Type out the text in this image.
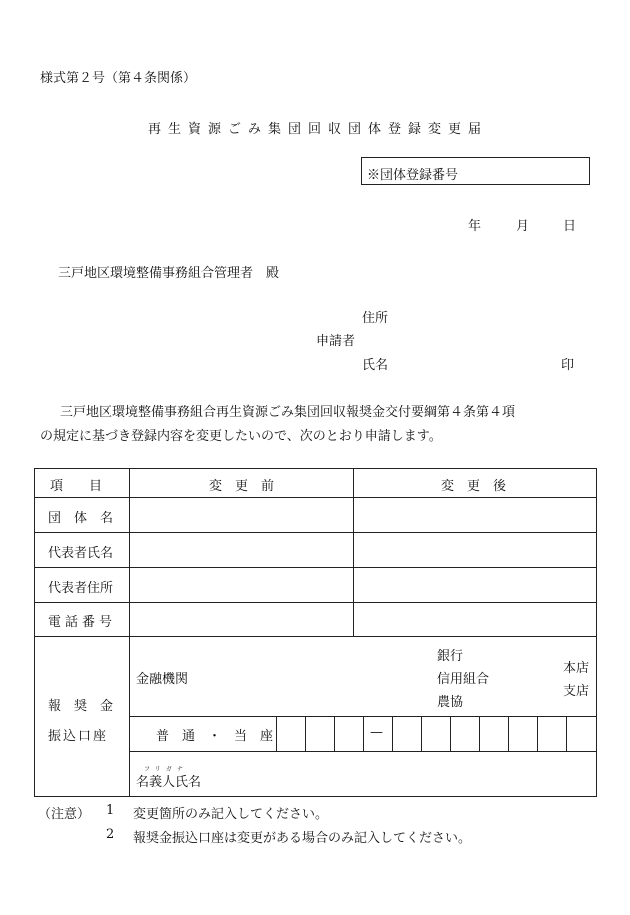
様式第２号（第４条関係）
再生資源ごみ集団回収団体登録変更届
※団体登録番号
年	月	日
三戸地区環境整備事務組合管理者　殿
住所
申請者
氏名	印
三戸地区環境整備事務組合再生資源ごみ集団回収報奨金交付要綱第４条第４項
の規定に基づき登録内容を変更したいので、次のとおり申請します。
項　　目	変　更　前	変　更　後
団　体　名
代表者氏名
代表者住所
電話番号
報　奨　金
振込口座
金融機関
銀行
信用組合
農協
本店
支店
普　通　・　当　座	—
フリガナ
名義人氏名
（注意） 1 変更箇所のみ記入してください。
2 報奨金振込口座は変更がある場合のみ記入してください。
